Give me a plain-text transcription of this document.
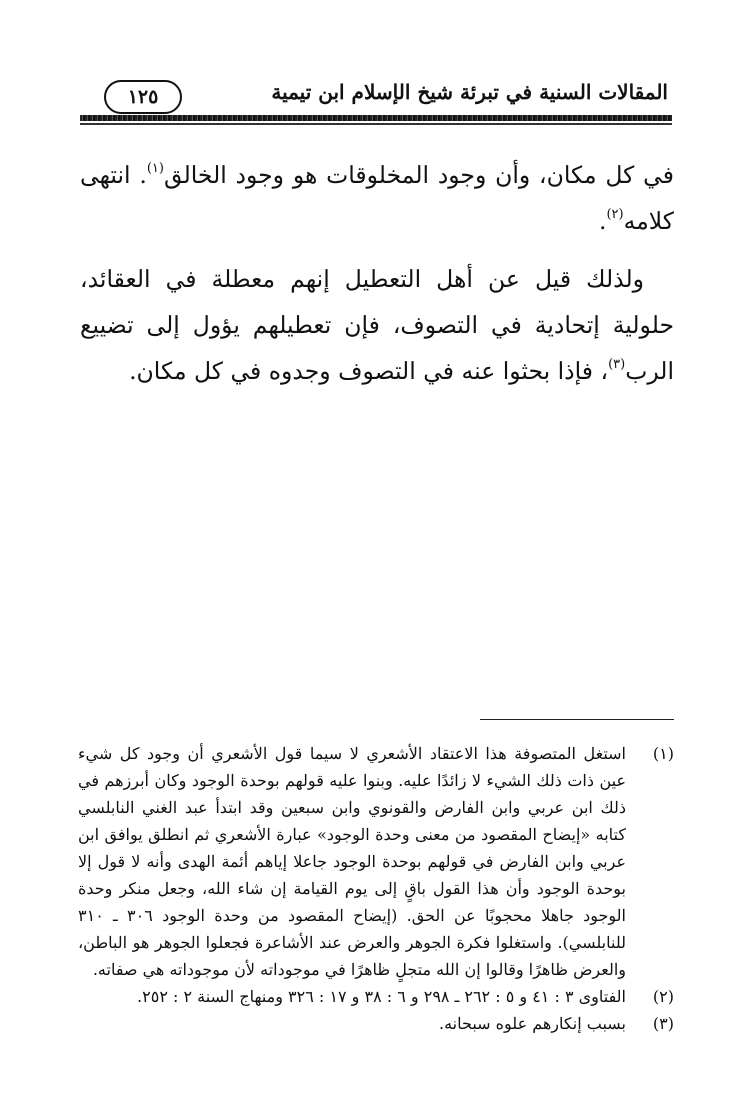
المقالات السنية في تبرئة شيخ الإسلام ابن تيمية
١٢٥

في كل مكان، وأن وجود المخلوقات هو وجود الخالق$^{(١)}$. انتهى كلامه$^{(٢)}$.

ولذلك قيل عن أهل التعطيل إنهم معطلة في العقائد، حلولية إتحادية في التصوف، فإن تعطيلهم يؤول إلى تضييع الرب$^{(٣)}$، فإذا بحثوا عنه في التصوف وجدوه في كل مكان.

(١)
استغل المتصوفة هذا الاعتقاد الأشعري لا سيما قول الأشعري أن وجود كل شيء عين ذات ذلك الشيء لا زائدًا عليه. وبنوا عليه قولهم بوحدة الوجود وكان أبرزهم في ذلك ابن عربي وابن الفارض والقونوي وابن سبعين وقد ابتدأ عبد الغني النابلسي كتابه «إيضاح المقصود من معنى وحدة الوجود» عبارة الأشعري ثم انطلق يوافق ابن عربي وابن الفارض في قولهم بوحدة الوجود جاعلا إياهم أئمة الهدى وأنه لا قول إلا بوحدة الوجود وأن هذا القول باقٍ إلى يوم القيامة إن شاء الله، وجعل منكر وحدة الوجود جاهلا محجوبًا عن الحق. (إيضاح المقصود من وحدة الوجود ٣٠٦ ـ ٣١٠ للنابلسي). واستغلوا فكرة الجوهر والعرض عند الأشاعرة فجعلوا الجوهر هو الباطن، والعرض ظاهرًا وقالوا إن الله متجلٍ ظاهرًا في موجوداته لأن موجوداته هي صفاته.
(٢)
الفتاوى ٣ : ٤١ و ٥ : ٢٦٢ ـ ٢٩٨ و ٦ : ٣٨ و ١٧ : ٣٢٦ ومنهاج السنة ٢ : ٢٥٢.
(٣)
بسبب إنكارهم علوه سبحانه.
